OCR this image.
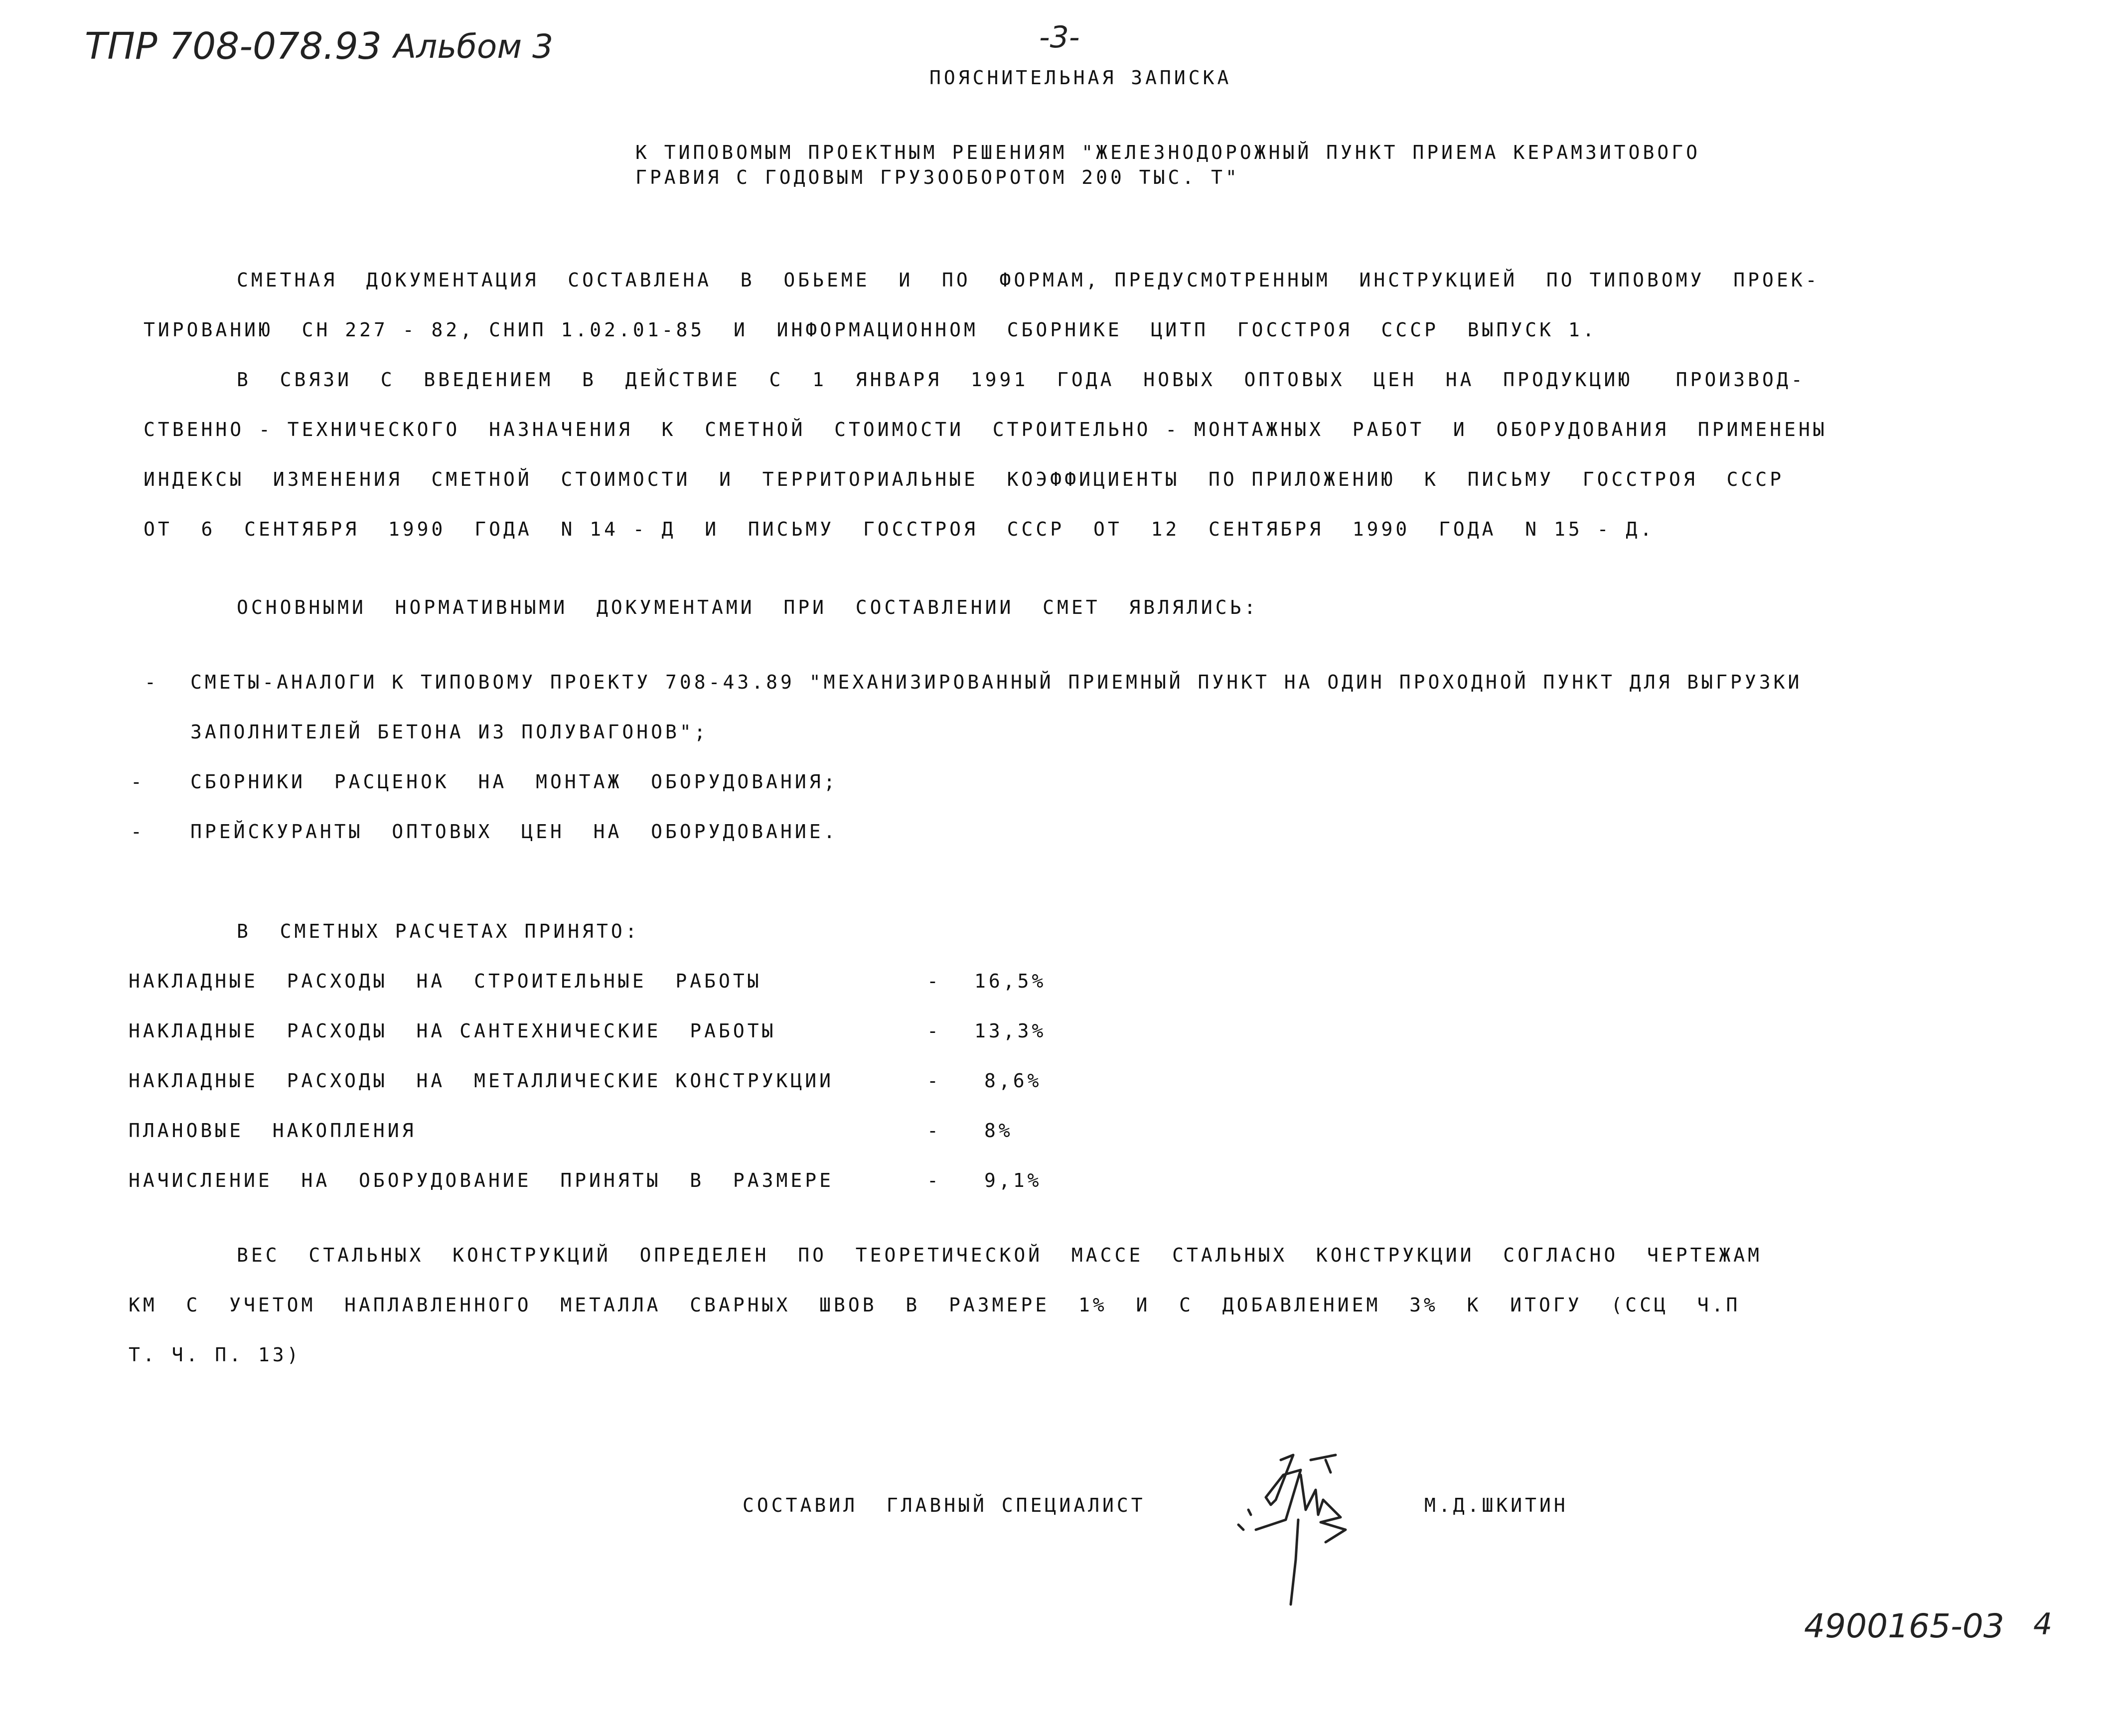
ТПР 708-078.93 Альбом 3	-3-
ПОЯСНИТЕЛЬНАЯ ЗАПИСКА
К ТИПОВОМЫМ ПРОЕКТНЫМ РЕШЕНИЯМ "ЖЕЛЕЗНОДОРОЖНЫЙ ПУНКТ ПРИЕМА КЕРАМЗИТОВОГО
ГРАВИЯ С ГОДОВЫМ ГРУЗООБОРОТОМ 200 ТЫС. Т"
СМЕТНАЯ  ДОКУМЕНТАЦИЯ  СОСТАВЛЕНА  В  ОБЬЕМЕ  И  ПО  ФОРМАМ, ПРЕДУСМОТРЕННЫМ  ИНСТРУКЦИЕЙ  ПО ТИПОВОМУ  ПРОЕК-
ТИРОВАНИЮ  СН 227 - 82, СНИП 1.02.01-85  И  ИНФОРМАЦИОННОМ  СБОРНИКЕ  ЦИТП  ГОССТРОЯ  СССР  ВЫПУСК 1.
В  СВЯЗИ  С  ВВЕДЕНИЕМ  В  ДЕЙСТВИЕ  С  1  ЯНВАРЯ  1991  ГОДА  НОВЫХ  ОПТОВЫХ  ЦЕН  НА  ПРОДУКЦИЮ   ПРОИЗВОД-
СТВЕННО - ТЕХНИЧЕСКОГО  НАЗНАЧЕНИЯ  К  СМЕТНОЙ  СТОИМОСТИ  СТРОИТЕЛЬНО - МОНТАЖНЫХ  РАБОТ  И  ОБОРУДОВАНИЯ  ПРИМЕНЕНЫ
ИНДЕКСЫ  ИЗМЕНЕНИЯ  СМЕТНОЙ  СТОИМОСТИ  И  ТЕРРИТОРИАЛЬНЫЕ  КОЭФФИЦИЕНТЫ  ПО ПРИЛОЖЕНИЮ  К  ПИСЬМУ  ГОССТРОЯ  СССР
ОТ  6  СЕНТЯБРЯ  1990  ГОДА  N 14 - Д  И  ПИСЬМУ  ГОССТРОЯ  СССР  ОТ  12  СЕНТЯБРЯ  1990  ГОДА  N 15 - Д.
ОСНОВНЫМИ  НОРМАТИВНЫМИ  ДОКУМЕНТАМИ  ПРИ  СОСТАВЛЕНИИ  СМЕТ  ЯВЛЯЛИСЬ:
- СМЕТЫ-АНАЛОГИ К ТИПОВОМУ ПРОЕКТУ 708-43.89 "МЕХАНИЗИРОВАННЫЙ ПРИЕМНЫЙ ПУНКТ НА ОДИН ПРОХОДНОЙ ПУНКТ ДЛЯ ВЫГРУЗКИ
ЗАПОЛНИТЕЛЕЙ БЕТОНА ИЗ ПОЛУВАГОНОВ";
- СБОРНИКИ  РАСЦЕНОК  НА  МОНТАЖ  ОБОРУДОВАНИЯ;
- ПРЕЙСКУРАНТЫ  ОПТОВЫХ  ЦЕН  НА  ОБОРУДОВАНИЕ.
В  СМЕТНЫХ РАСЧЕТАХ ПРИНЯТО:
НАКЛАДНЫЕ  РАСХОДЫ  НА  СТРОИТЕЛЬНЫЕ  РАБОТЫ	- 16,5%
НАКЛАДНЫЕ  РАСХОДЫ  НА САНТЕХНИЧЕСКИЕ  РАБОТЫ	- 13,3%
НАКЛАДНЫЕ  РАСХОДЫ  НА  МЕТАЛЛИЧЕСКИЕ КОНСТРУКЦИИ	- 8,6%
ПЛАНОВЫЕ  НАКОПЛЕНИЯ	- 8%
НАЧИСЛЕНИЕ  НА  ОБОРУДОВАНИЕ  ПРИНЯТЫ  В  РАЗМЕРЕ	- 9,1%
ВЕС  СТАЛЬНЫХ  КОНСТРУКЦИЙ  ОПРЕДЕЛЕН  ПО  ТЕОРЕТИЧЕСКОЙ  МАССЕ  СТАЛЬНЫХ  КОНСТРУКЦИИ  СОГЛАСНО  ЧЕРТЕЖАМ
КМ  С  УЧЕТОМ  НАПЛАВЛЕННОГО  МЕТАЛЛА  СВАРНЫХ  ШВОВ  В  РАЗМЕРЕ  1%  И  С  ДОБАВЛЕНИЕМ  3%  К  ИТОГУ  (ССЦ  Ч.П
Т. Ч. П. 13)
СОСТАВИЛ  ГЛАВНЫЙ СПЕЦИАЛИСТ	М.Д.ШКИТИН
4900165-03 4
